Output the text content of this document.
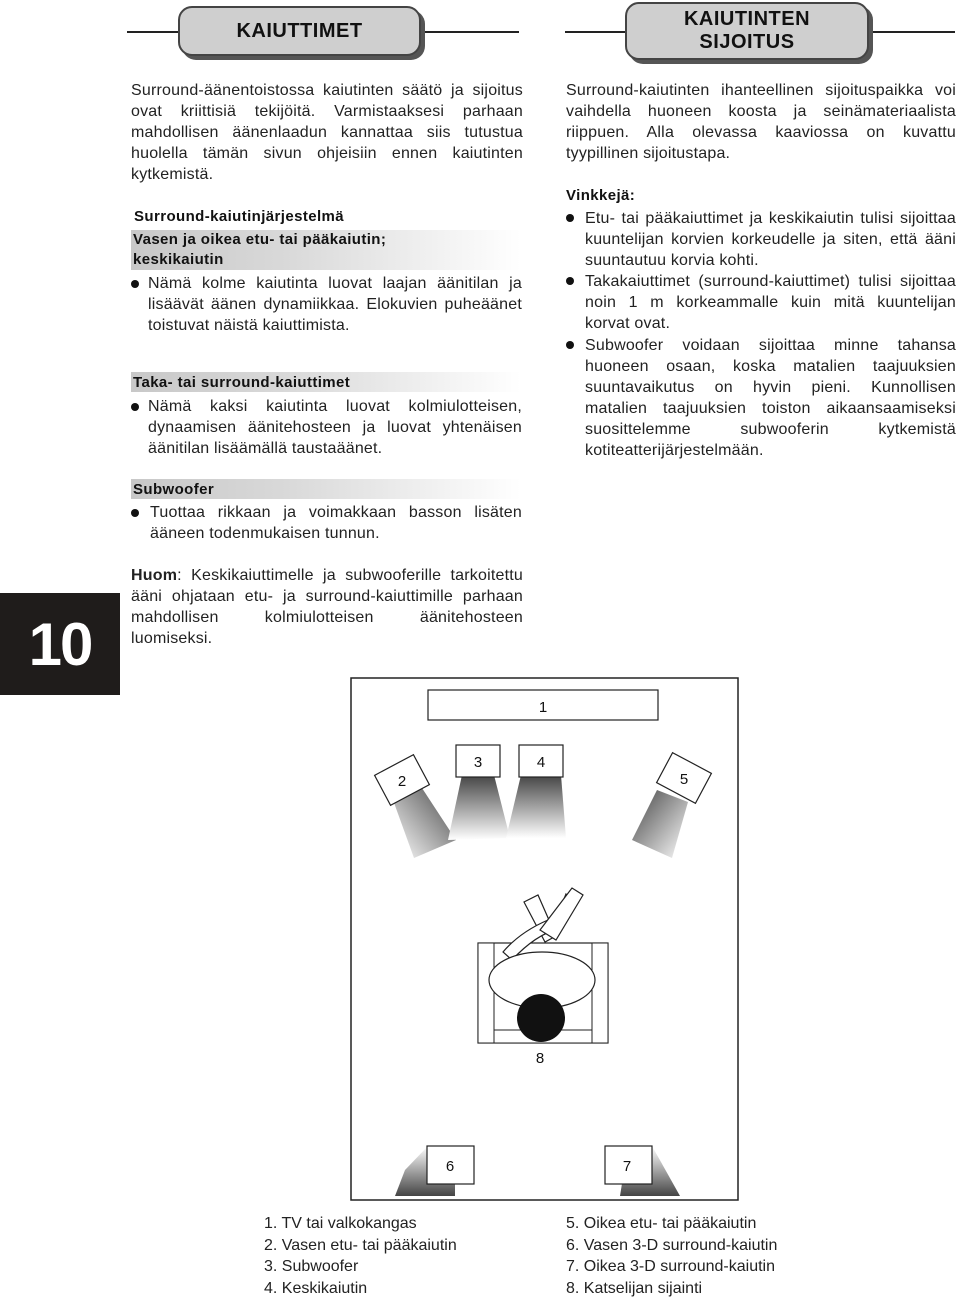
KAIUTTIMET
KAIUTINTEN
SIJOITUS

Surround-äänentoistossa kaiutinten säätö ja sijoitus ovat kriittisiä tekijöitä. Varmistaaksesi parhaan mahdollisen äänenlaadun kannattaa siis tutustua huolella tämän sivun ohjeisiin ennen kaiutinten kytkemistä.

Surround-kaiutinjärjestelmä
Vasen ja oikea etu- tai pääkaiutin;
keskikaiutin

Nämä kolme kaiutinta luovat laajan äänitilan ja lisäävät äänen dynamiikkaa. Elokuvien puheäänet toistuvat näistä kaiuttimista.

Taka- tai surround-kaiuttimet

Nämä kaksi kaiutinta luovat kolmiulotteisen, dynaamisen äänitehosteen ja luovat yhtenäisen äänitilan lisäämällä taustaäänet.

Subwoofer

Tuottaa rikkaan ja voimakkaan basson lisäten ääneen todenmukaisen tunnun.

Huom: Keskikaiuttimelle ja subwooferille tarkoitettu ääni ohjataan etu- ja surround-kaiuttimille parhaan mahdollisen kolmiulotteisen äänitehosteen luomiseksi.

10

Surround-kaiutinten ihanteellinen sijoituspaikka voi vaihdella huoneen koosta ja seinämateriaalista riippuen. Alla olevassa kaaviossa on kuvattu tyypillinen sijoitustapa.

Vinkkejä:

Etu- tai pääkaiuttimet ja keskikaiutin tulisi sijoittaa kuuntelijan korvien korkeudelle ja siten, että ääni suuntautuu korvia kohti.

Takakaiuttimet (surround-kaiuttimet) tulisi sijoittaa noin 1 m korkeammalle kuin mitä kuuntelijan korvat ovat.

Subwoofer voidaan sijoittaa minne tahansa huoneen osaan, koska matalien taajuuksien suuntavaikutus on hyvin pieni. Kunnollisen matalien taajuuksien toiston aikaansaamiseksi suosittelemme subwooferin kytkemistä kotiteatterijärjestelmään.

1
2
3	4
5
8
6	7

1. TV tai valkokangas
2. Vasen etu- tai pääkaiutin
3. Subwoofer
4. Keskikaiutin

5. Oikea etu- tai pääkaiutin
6. Vasen 3-D surround-kaiutin
7. Oikea 3-D surround-kaiutin
8. Katselijan sijainti
